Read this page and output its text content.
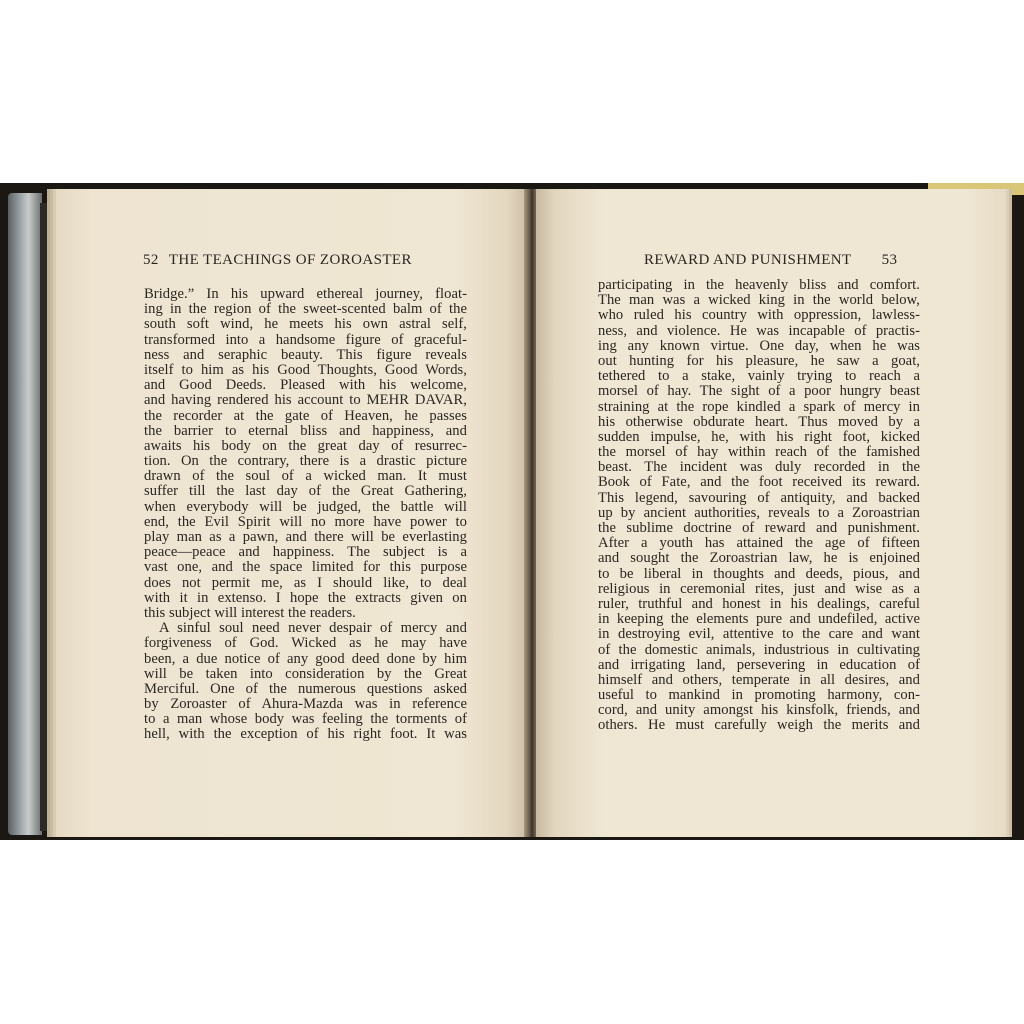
52 THE TEACHINGS OF ZOROASTER
Bridge.” In his upward ethereal journey, float-
ing in the region of the sweet-scented balm of the
south soft wind, he meets his own astral self,
transformed into a handsome figure of graceful-
ness and seraphic beauty. This figure reveals
itself to him as his Good Thoughts, Good Words,
and Good Deeds. Pleased with his welcome,
and having rendered his account to MEHR DAVAR,
the recorder at the gate of Heaven, he passes
the barrier to eternal bliss and happiness, and
awaits his body on the great day of resurrec-
tion. On the contrary, there is a drastic picture
drawn of the soul of a wicked man. It must
suffer till the last day of the Great Gathering,
when everybody will be judged, the battle will
end, the Evil Spirit will no more have power to
play man as a pawn, and there will be everlasting
peace—peace and happiness. The subject is a
vast one, and the space limited for this purpose
does not permit me, as I should like, to deal
with it in extenso. I hope the extracts given on
this subject will interest the readers.
A sinful soul need never despair of mercy and
forgiveness of God. Wicked as he may have
been, a due notice of any good deed done by him
will be taken into consideration by the Great
Merciful. One of the numerous questions asked
by Zoroaster of Ahura-Mazda was in reference
to a man whose body was feeling the torments of
hell, with the exception of his right foot. It was
REWARD AND PUNISHMENT 53
participating in the heavenly bliss and comfort.
The man was a wicked king in the world below,
who ruled his country with oppression, lawless-
ness, and violence. He was incapable of practis-
ing any known virtue. One day, when he was
out hunting for his pleasure, he saw a goat,
tethered to a stake, vainly trying to reach a
morsel of hay. The sight of a poor hungry beast
straining at the rope kindled a spark of mercy in
his otherwise obdurate heart. Thus moved by a
sudden impulse, he, with his right foot, kicked
the morsel of hay within reach of the famished
beast. The incident was duly recorded in the
Book of Fate, and the foot received its reward.
This legend, savouring of antiquity, and backed
up by ancient authorities, reveals to a Zoroastrian
the sublime doctrine of reward and punishment.
After a youth has attained the age of fifteen
and sought the Zoroastrian law, he is enjoined
to be liberal in thoughts and deeds, pious, and
religious in ceremonial rites, just and wise as a
ruler, truthful and honest in his dealings, careful
in keeping the elements pure and undefiled, active
in destroying evil, attentive to the care and want
of the domestic animals, industrious in cultivating
and irrigating land, persevering in education of
himself and others, temperate in all desires, and
useful to mankind in promoting harmony, con-
cord, and unity amongst his kinsfolk, friends, and
others. He must carefully weigh the merits and
